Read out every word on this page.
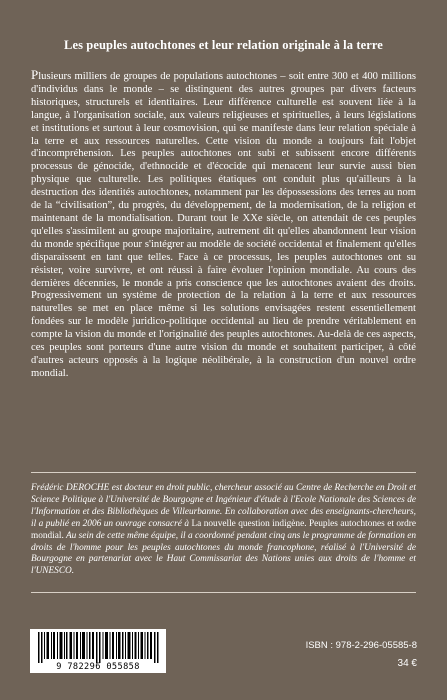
Les peuples autochtones et leur relation originale à la terre

Plusieurs milliers de groupes de populations autochtones – soit entre 300 et 400 millions d'individus dans le monde – se distinguent des autres groupes par divers facteurs historiques, structurels et identitaires. Leur différence culturelle est souvent liée à la langue, à l'organisation sociale, aux valeurs religieuses et spirituelles, à leurs législations et institutions et surtout à leur cosmovision, qui se manifeste dans leur relation spéciale à la terre et aux ressources naturelles. Cette vision du monde a toujours fait l'objet d'incompréhension. Les peuples autochtones ont subi et subissent encore différents processus de génocide, d'ethnocide et d'écocide qui menacent leur survie aussi bien physique que culturelle. Les politiques étatiques ont conduit plus qu'ailleurs à la destruction des identités autochtones, notamment par les dépossessions des terres au nom de la “civilisation”, du progrès, du développement, de la modernisation, de la religion et maintenant de la mondialisation. Durant tout le XXe siècle, on attendait de ces peuples qu'elles s'assimilent au groupe majoritaire, autrement dit qu'elles abandonnent leur vision du monde spécifique pour s'intégrer au modèle de société occidental et finalement qu'elles disparaissent en tant que telles. Face à ce processus, les peuples autochtones ont su résister, voire survivre, et ont réussi à faire évoluer l'opinion mondiale. Au cours des dernières décennies, le monde a pris conscience que les autochtones avaient des droits. Progressivement un système de protection de la relation à la terre et aux ressources naturelles se met en place même si les solutions envisagées restent essentiellement fondées sur le modèle juridico-politique occidental au lieu de prendre véritablement en compte la vision du monde et l'originalité des peuples autochtones. Au-delà de ces aspects, ces peuples sont porteurs d'une autre vision du monde et souhaitent participer, à côté d'autres acteurs opposés à la logique néolibérale, à la construction d'un nouvel ordre mondial.

Frédéric DEROCHE est docteur en droit public, chercheur associé au Centre de Recherche en Droit et Science Politique à l'Université de Bourgogne et Ingénieur d'étude à l'Ecole Nationale des Sciences de l'Information et des Bibliothèques de Villeurbanne. En collaboration avec des enseignants-chercheurs, il a publié en 2006 un ouvrage consacré à La nouvelle question indigène. Peuples autochtones et ordre mondial. Au sein de cette même équipe, il a coordonné pendant cinq ans le programme de formation en droits de l'homme pour les peuples autochtones du monde francophone, réalisé à l'Université de Bourgogne en partenariat avec le Haut Commissariat des Nations unies aux droits de l'homme et l'UNESCO.
9 782296 055858
ISBN : 978-2-296-05585-8
34 €
